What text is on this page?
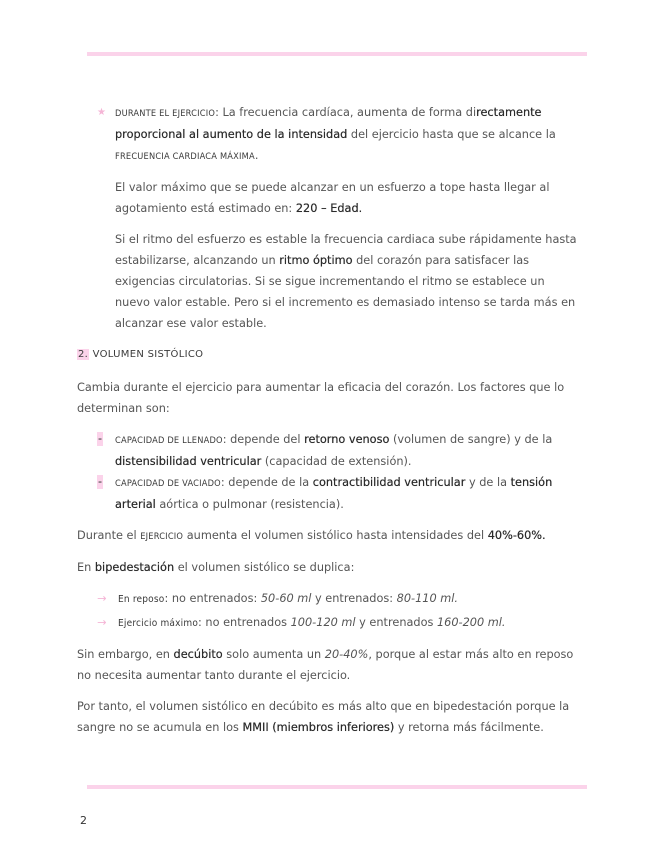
★ DURANTE EL EJERCICIO: La frecuencia cardíaca, aumenta de forma directamente proporcional al aumento de la intensidad del ejercicio hasta que se alcance la FRECUENCIA CARDIACA MÁXIMA.

El valor máximo que se puede alcanzar en un esfuerzo a tope hasta llegar al agotamiento está estimado en: 220 – Edad.

Si el ritmo del esfuerzo es estable la frecuencia cardiaca sube rápidamente hasta estabilizarse, alcanzando un ritmo óptimo del corazón para satisfacer las exigencias circulatorias. Si se sigue incrementando el ritmo se establece un nuevo valor estable. Pero si el incremento es demasiado intenso se tarda más en alcanzar ese valor estable.

2. VOLUMEN SISTÓLICO

Cambia durante el ejercicio para aumentar la eficacia del corazón. Los factores que lo determinan son:

- CAPACIDAD DE LLENADO: depende del retorno venoso (volumen de sangre) y de la distensibilidad ventricular (capacidad de extensión).

- CAPACIDAD DE VACIADO: depende de la contractibilidad ventricular y de la tensión arterial aórtica o pulmonar (resistencia).

Durante el EJERCICIO aumenta el volumen sistólico hasta intensidades del 40%-60%.

En bipedestación el volumen sistólico se duplica:

→ En reposo: no entrenados: 50-60 ml y entrenados: 80-110 ml.

→ Ejercicio máximo: no entrenados 100-120 ml y entrenados 160-200 ml.

Sin embargo, en decúbito solo aumenta un 20-40%, porque al estar más alto en reposo no necesita aumentar tanto durante el ejercicio.

Por tanto, el volumen sistólico en decúbito es más alto que en bipedestación porque la sangre no se acumula en los MMII (miembros inferiores) y retorna más fácilmente.

2
